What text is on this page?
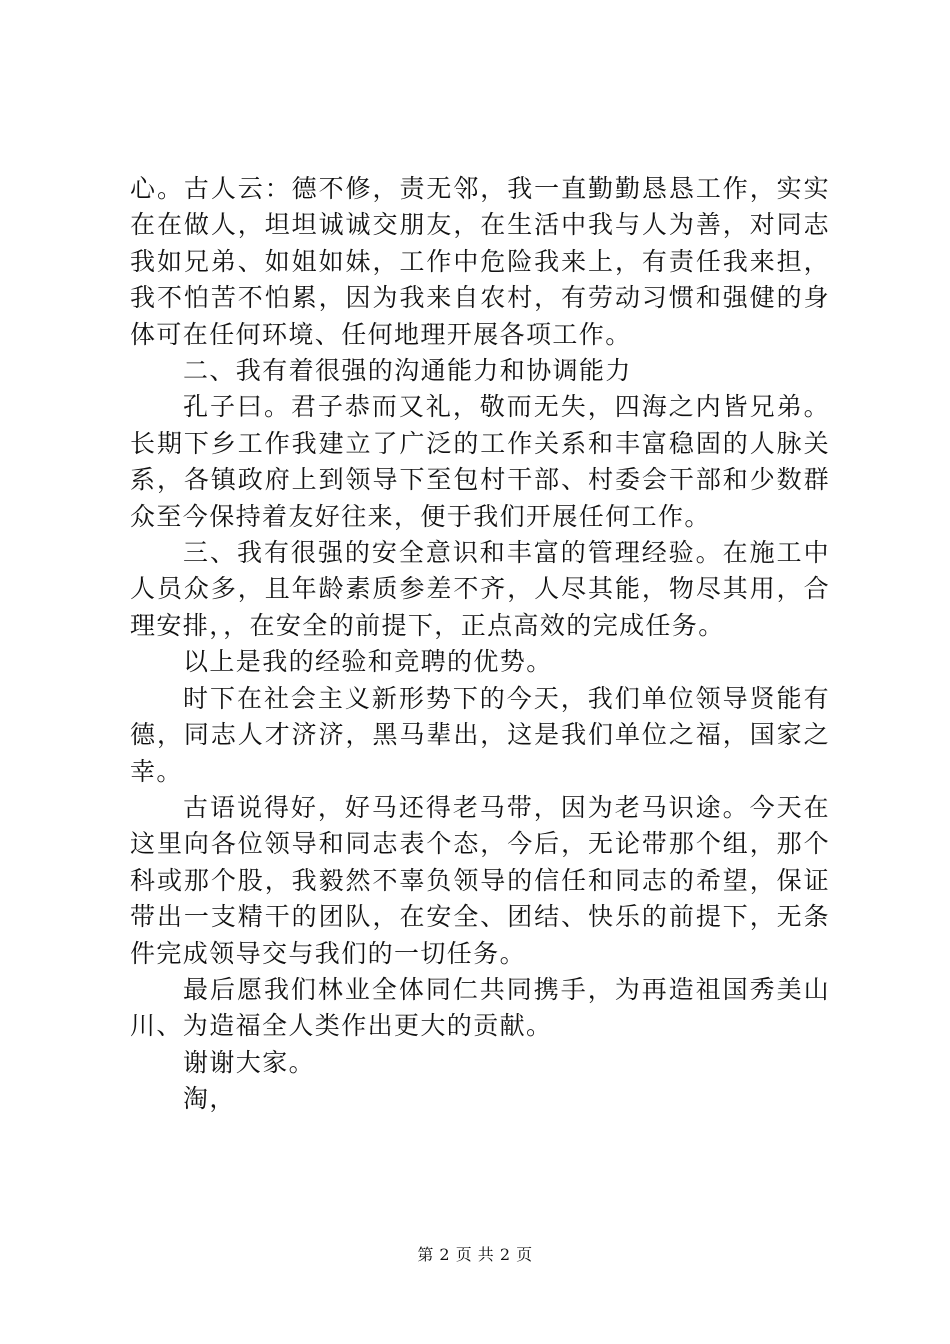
心。古人云：德不修，责无邻，我一直勤勤恳恳工作，实实在在做人，坦坦诚诚交朋友，在生活中我与人为善，对同志我如兄弟、如姐如妹，工作中危险我来上，有责任我来担，我不怕苦不怕累，因为我来自农村，有劳动习惯和强健的身体可在任何环境、任何地理开展各项工作。

二、我有着很强的沟通能力和协调能力

孔子曰。君子恭而又礼，敬而无失，四海之内皆兄弟。长期下乡工作我建立了广泛的工作关系和丰富稳固的人脉关系，各镇政府上到领导下至包村干部、村委会干部和少数群众至今保持着友好往来，便于我们开展任何工作。

三、我有很强的安全意识和丰富的管理经验。在施工中人员众多，且年龄素质参差不齐，人尽其能，物尽其用，合理安排，，在安全的前提下，正点高效的完成任务。

以上是我的经验和竞聘的优势。

时下在社会主义新形势下的今天，我们单位领导贤能有德，同志人才济济，黑马辈出，这是我们单位之福，国家之幸。

古语说得好，好马还得老马带，因为老马识途。今天在这里向各位领导和同志表个态，今后，无论带那个组，那个科或那个股，我毅然不辜负领导的信任和同志的希望，保证带出一支精干的团队，在安全、团结、快乐的前提下，无条件完成领导交与我们的一切任务。

最后愿我们林业全体同仁共同携手，为再造祖国秀美山川、为造福全人类作出更大的贡献。

谢谢大家。

淘，

第 2 页 共 2 页
